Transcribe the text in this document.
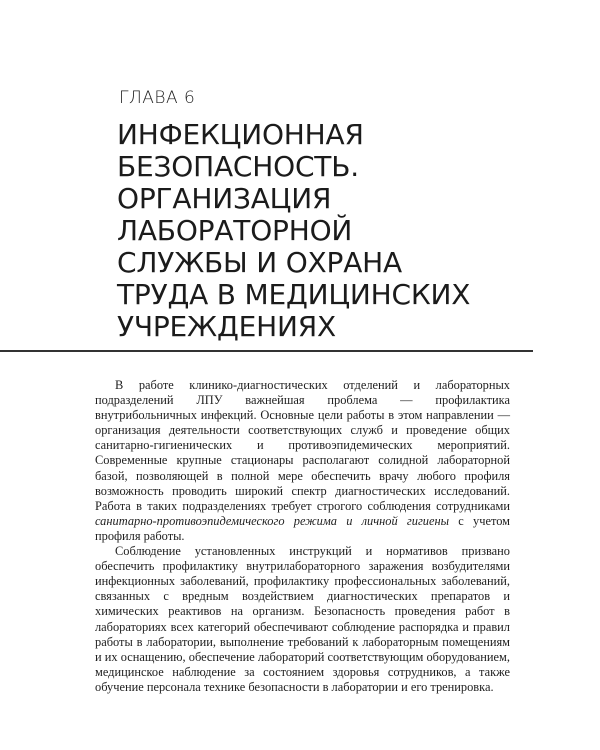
ГЛАВА 6
ИНФЕКЦИОННАЯ
БЕЗОПАСНОСТЬ.
ОРГАНИЗАЦИЯ
ЛАБОРАТОРНОЙ
СЛУЖБЫ И ОХРАНА
ТРУДА В МЕДИЦИНСКИХ
УЧРЕЖДЕНИЯХ

В работе клинико-диагностических отделений и лабораторных подразделений ЛПУ важнейшая проблема — профилактика внутрибольничных инфекций. Основные цели работы в этом направлении — организация деятельности соответствующих служб и проведение общих санитарно-гигиенических и противоэпидемических мероприятий. Современные крупные стационары располагают солидной лабораторной базой, позволяющей в полной мере обеспечить врачу любого профиля возможность проводить широкий спектр диагностических исследований. Работа в таких подразделениях требует строгого соблюдения сотрудниками санитарно-противоэпидемического режима и личной гигиены с учетом профиля работы.

Соблюдение установленных инструкций и нормативов призвано обеспечить профилактику внутрилабораторного заражения возбудителями инфекционных заболеваний, профилактику профессиональных заболеваний, связанных с вредным воздействием диагностических препаратов и химических реактивов на организм. Безопасность проведения работ в лабораториях всех категорий обеспечивают соблюдение распорядка и правил работы в лаборатории, выполнение требований к лабораторным помещениям и их оснащению, обеспечение лабораторий соответствующим оборудованием, медицинское наблюдение за состоянием здоровья сотрудников, а также обучение персонала технике безопасности в лаборатории и его тренировка.
